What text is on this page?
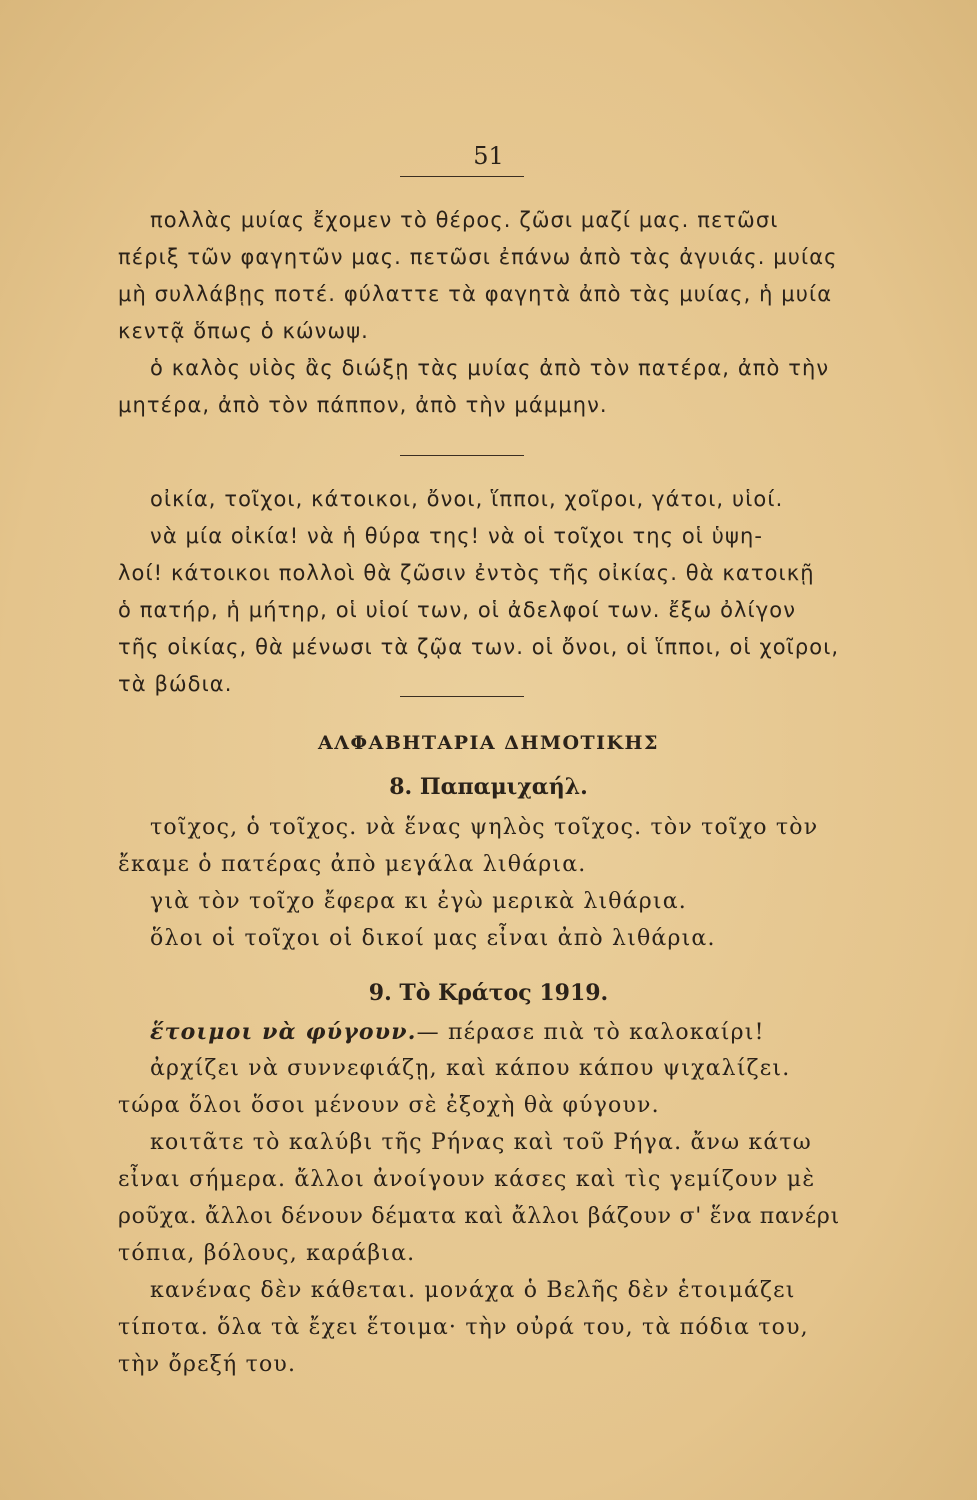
51
πολλὰς μυίας ἔχομεν τὸ θέρος. ζῶσι μαζί μας. πετῶσι
πέριξ τῶν φαγητῶν μας. πετῶσι ἐπάνω ἀπὸ τὰς ἀγυιάς. μυίας
μὴ συλλάβῃς ποτέ. φύλαττε τὰ φαγητὰ ἀπὸ τὰς μυίας, ἡ μυία
κεντᾷ ὅπως ὁ κώνωψ.
ὁ καλὸς υἱὸς ἂς διώξῃ τὰς μυίας ἀπὸ τὸν πατέρα, ἀπὸ τὴν
μητέρα, ἀπὸ τὸν πάππον, ἀπὸ τὴν μάμμην.
οἰκία, τοῖχοι, κάτοικοι, ὄνοι, ἵπποι, χοῖροι, γάτοι, υἱοί.
νὰ μία οἰκία! νὰ ἡ θύρα της! νὰ οἱ τοῖχοι της οἱ ὑψη-
λοί! κάτοικοι πολλοὶ θὰ ζῶσιν ἐντὸς τῆς οἰκίας. θὰ κατοικῇ
ὁ πατήρ, ἡ μήτηρ, οἱ υἱοί των, οἱ ἀδελφοί των. ἔξω ὀλίγον
τῆς οἰκίας, θὰ μένωσι τὰ ζῷα των. οἱ ὄνοι, οἱ ἵπποι, οἱ χοῖροι,
τὰ βώδια.
ΑΛΦΑΒΗΤΑΡΙΑ ΔΗΜΟΤΙΚΗΣ
8. Παπαμιχαήλ.
τοῖχος, ὁ τοῖχος. νὰ ἕνας ψηλὸς τοῖχος. τὸν τοῖχο τὸν
ἔκαμε ὁ πατέρας ἀπὸ μεγάλα λιθάρια.
γιὰ τὸν τοῖχο ἔφερα κι ἐγὼ μερικὰ λιθάρια.
ὅλοι οἱ τοῖχοι οἱ δικοί μας εἶναι ἀπὸ λιθάρια.
9. Τὸ Κράτος 1919.
ἕτοιμοι νὰ φύγουν.— πέρασε πιὰ τὸ καλοκαίρι!
ἀρχίζει νὰ συννεφιάζῃ, καὶ κάπου κάπου ψιχαλίζει.
τώρα ὅλοι ὅσοι μένουν σὲ ἐξοχὴ θὰ φύγουν.
κοιτᾶτε τὸ καλύβι τῆς Ρήνας καὶ τοῦ Ρήγα. ἄνω κάτω
εἶναι σήμερα. ἄλλοι ἀνοίγουν κάσες καὶ τὶς γεμίζουν μὲ
ροῦχα. ἄλλοι δένουν δέματα καὶ ἄλλοι βάζουν σ' ἕνα πανέρι
τόπια, βόλους, καράβια.
κανένας δὲν κάθεται. μονάχα ὁ Βελῆς δὲν ἑτοιμάζει
τίποτα. ὅλα τὰ ἔχει ἕτοιμα· τὴν οὐρά του, τὰ πόδια του,
τὴν ὄρεξή του.
